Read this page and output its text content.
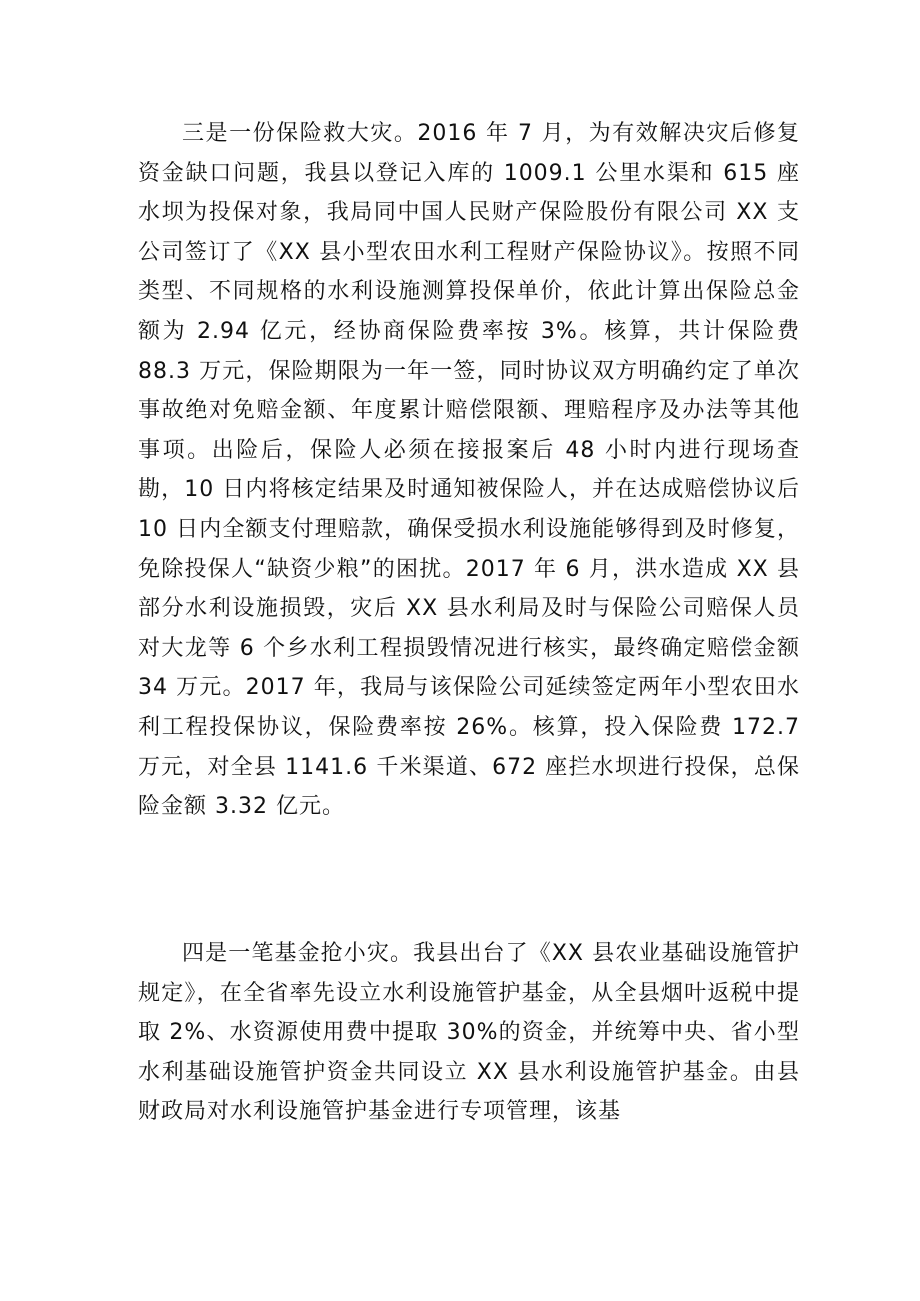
三是一份保险救大灾。2016 年 7 月，为有效解决灾后修复资金缺口问题，我县以登记入库的 1009.1 公里水渠和 615 座水坝为投保对象，我局同中国人民财产保险股份有限公司 XX 支公司签订了《XX 县小型农田水利工程财产保险协议》。按照不同类型、不同规格的水利设施测算投保单价，依此计算出保险总金额为 2.94 亿元，经协商保险费率按 3%。核算，共计保险费 88.3 万元，保险期限为一年一签，同时协议双方明确约定了单次事故绝对免赔金额、年度累计赔偿限额、理赔程序及办法等其他事项。出险后，保险人必须在接报案后 48 小时内进行现场查勘，10 日内将核定结果及时通知被保险人，并在达成赔偿协议后 10 日内全额支付理赔款，确保受损水利设施能够得到及时修复，免除投保人“缺资少粮”的困扰。2017 年 6 月，洪水造成 XX 县部分水利设施损毁，灾后 XX 县水利局及时与保险公司赔保人员对大龙等 6 个乡水利工程损毁情况进行核实，最终确定赔偿金额 34 万元。2017 年，我局与该保险公司延续签定两年小型农田水利工程投保协议，保险费率按 26%。核算，投入保险费 172.7 万元，对全县 1141.6 千米渠道、672 座拦水坝进行投保，总保险金额 3.32 亿元。

四是一笔基金抢小灾。我县出台了《XX 县农业基础设施管护规定》，在全省率先设立水利设施管护基金，从全县烟叶返税中提取 2%、水资源使用费中提取 30%的资金，并统筹中央、省小型水利基础设施管护资金共同设立 XX 县水利设施管护基金。由县财政局对水利设施管护基金进行专项管理，该基
